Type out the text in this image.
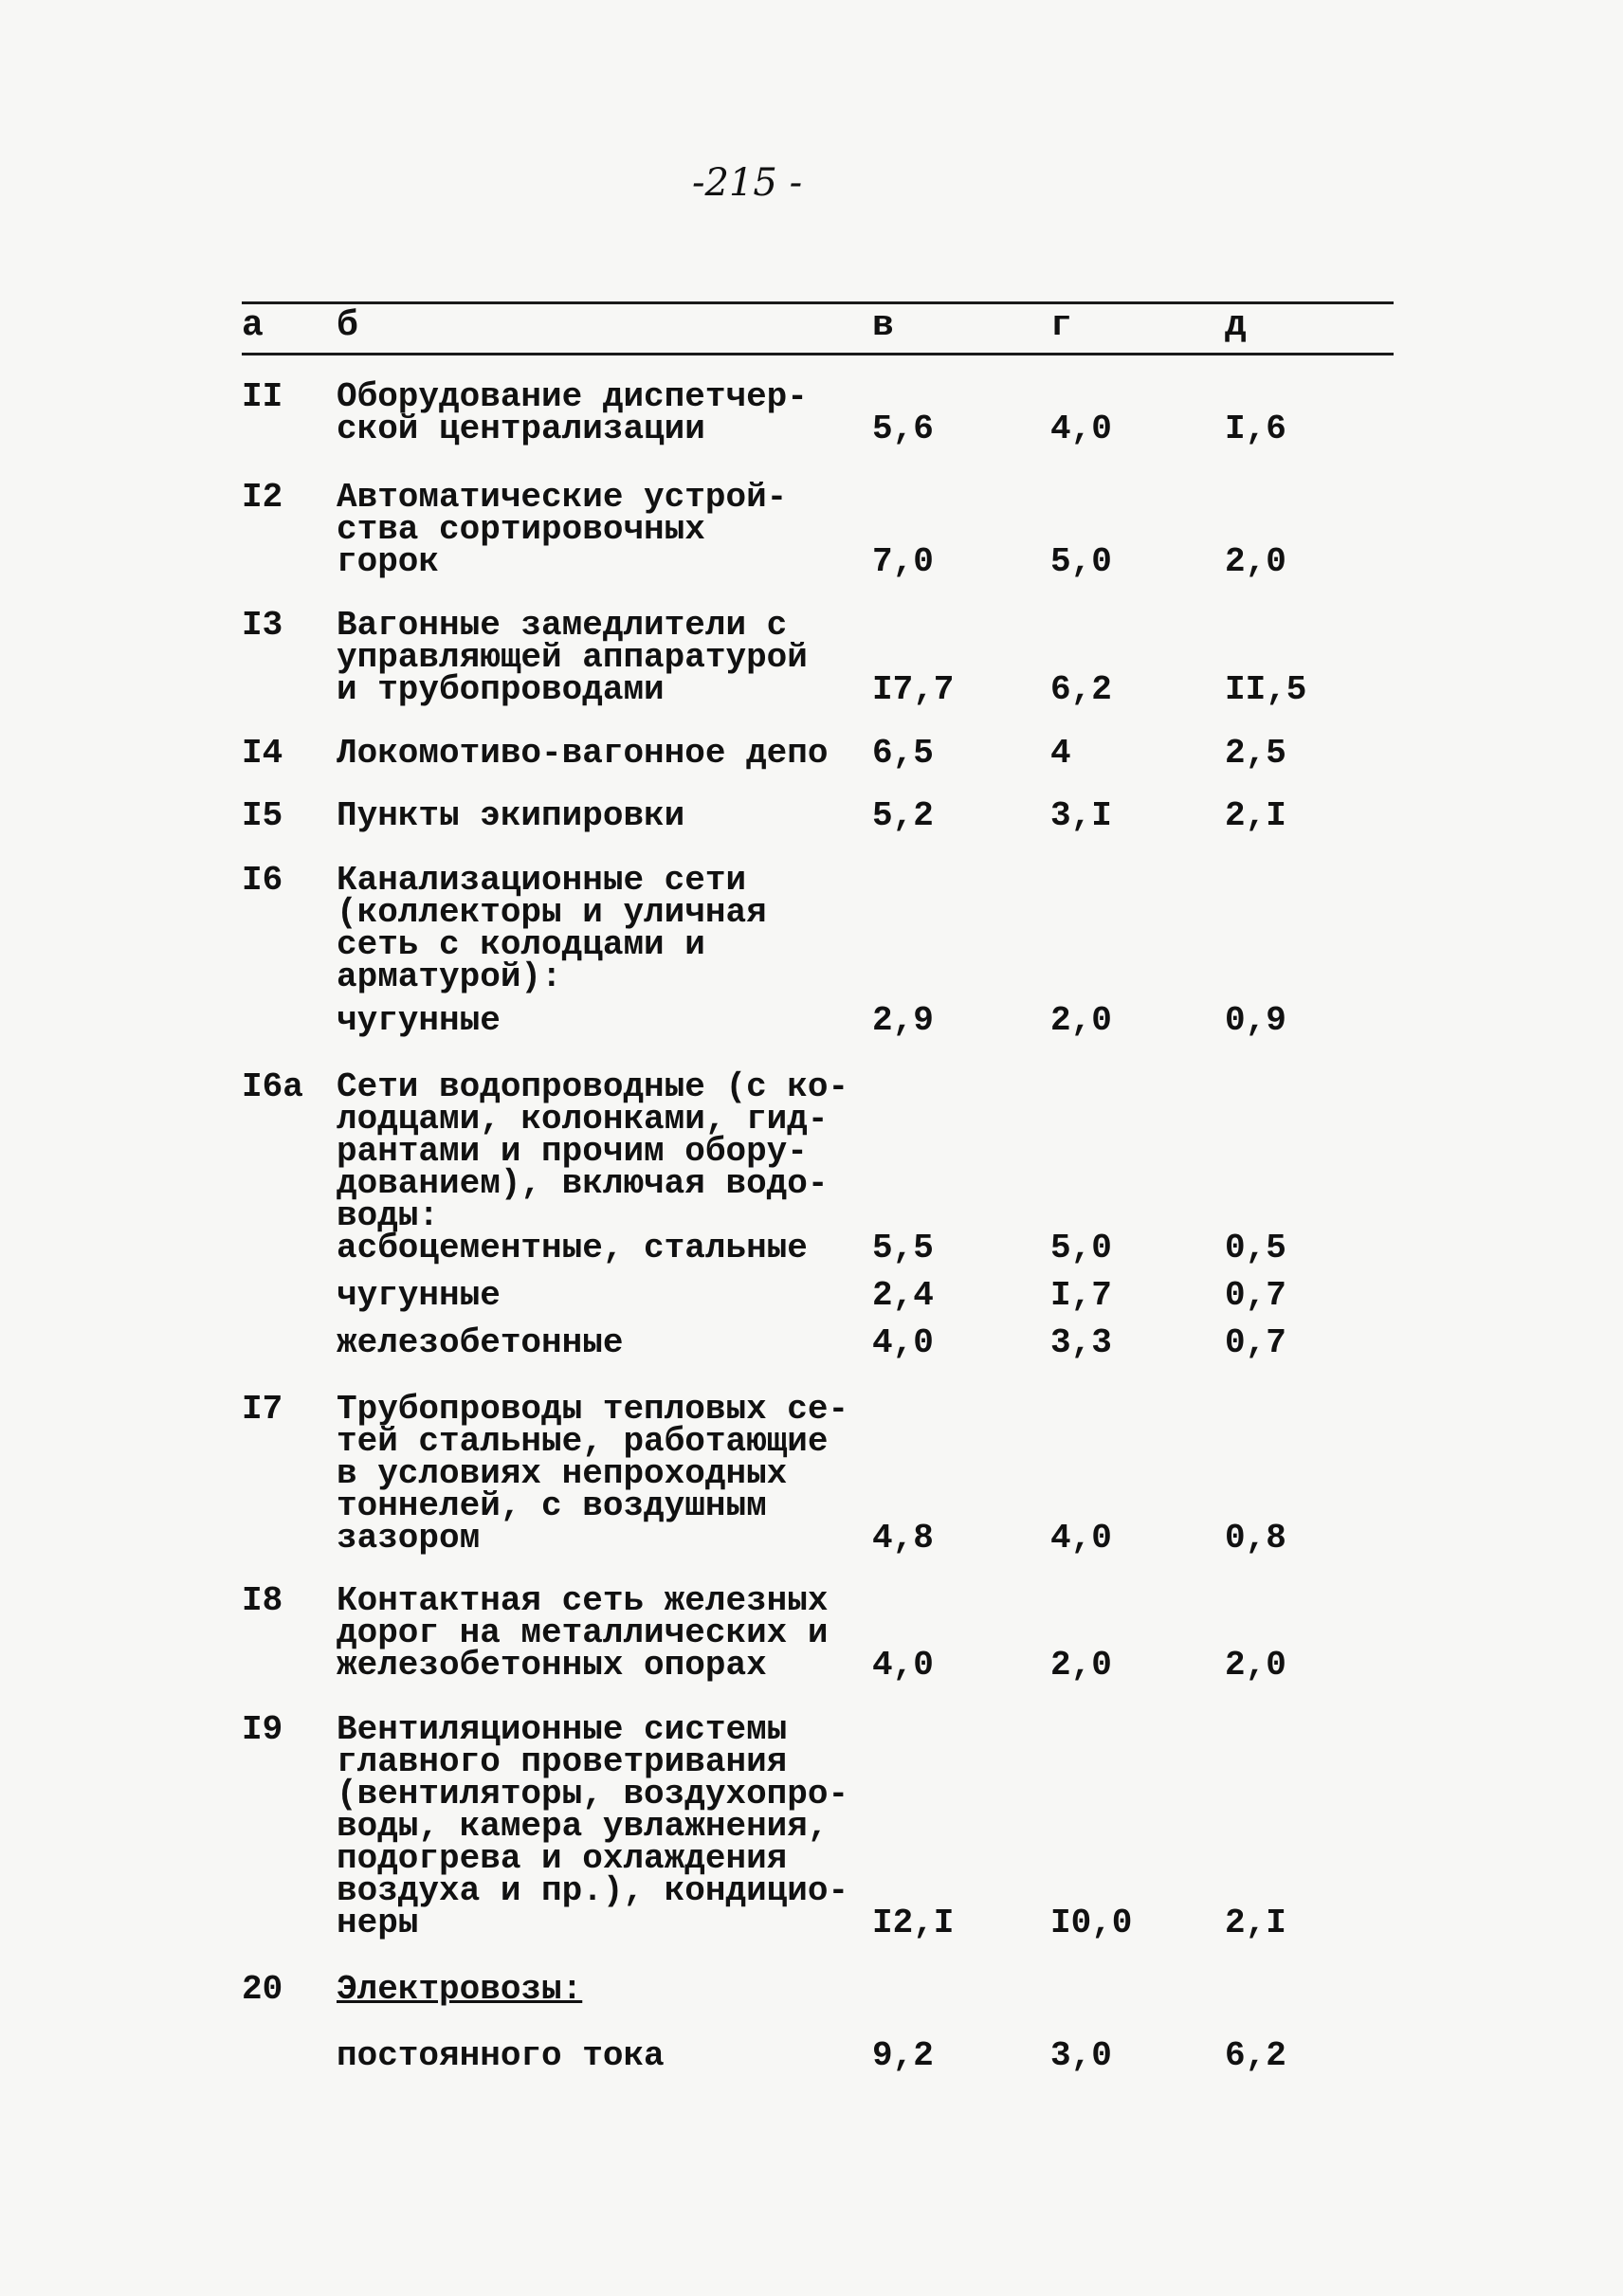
-215 -
а б	в	г	д
II Оборудование диспетчер-
ской централизации	5,6	4,0	I,6
I2 Автоматические устрой-
ства сортировочных
горок	7,0	5,0	2,0
I3 Вагонные замедлители с
управляющей аппаратурой
и трубопроводами	I7,7	6,2	II,5
I4 Локомотиво-вагонное депо	6,5	4	2,5
I5 Пункты экипировки	5,2	3,I	2,I
I6 Канализационные сети
(коллекторы и уличная
сеть с колодцами и
арматурой):
чугунные	2,9	2,0	0,9
I6a Сети водопроводные (с ко-
лодцами, колонками, гид-
рантами и прочим обору-
дованием), включая водо-
воды:
асбоцементные, стальные	5,5	5,0	0,5
чугунные	2,4	I,7	0,7
железобетонные	4,0	3,3	0,7
I7 Трубопроводы тепловых се-
тей стальные, работающие
в условиях непроходных
тоннелей, с воздушным
зазором	4,8	4,0	0,8
I8 Контактная сеть железных
дорог на металлических и
железобетонных опорах	4,0	2,0	2,0
I9 Вентиляционные системы
главного проветривания
(вентиляторы, воздухопро-
воды, камера увлажнения,
подогрева и охлаждения
воздуха и пр.), кондицио-
неры	I2,I	I0,0	2,I
20 Электровозы:
постоянного тока	9,2	3,0	6,2
